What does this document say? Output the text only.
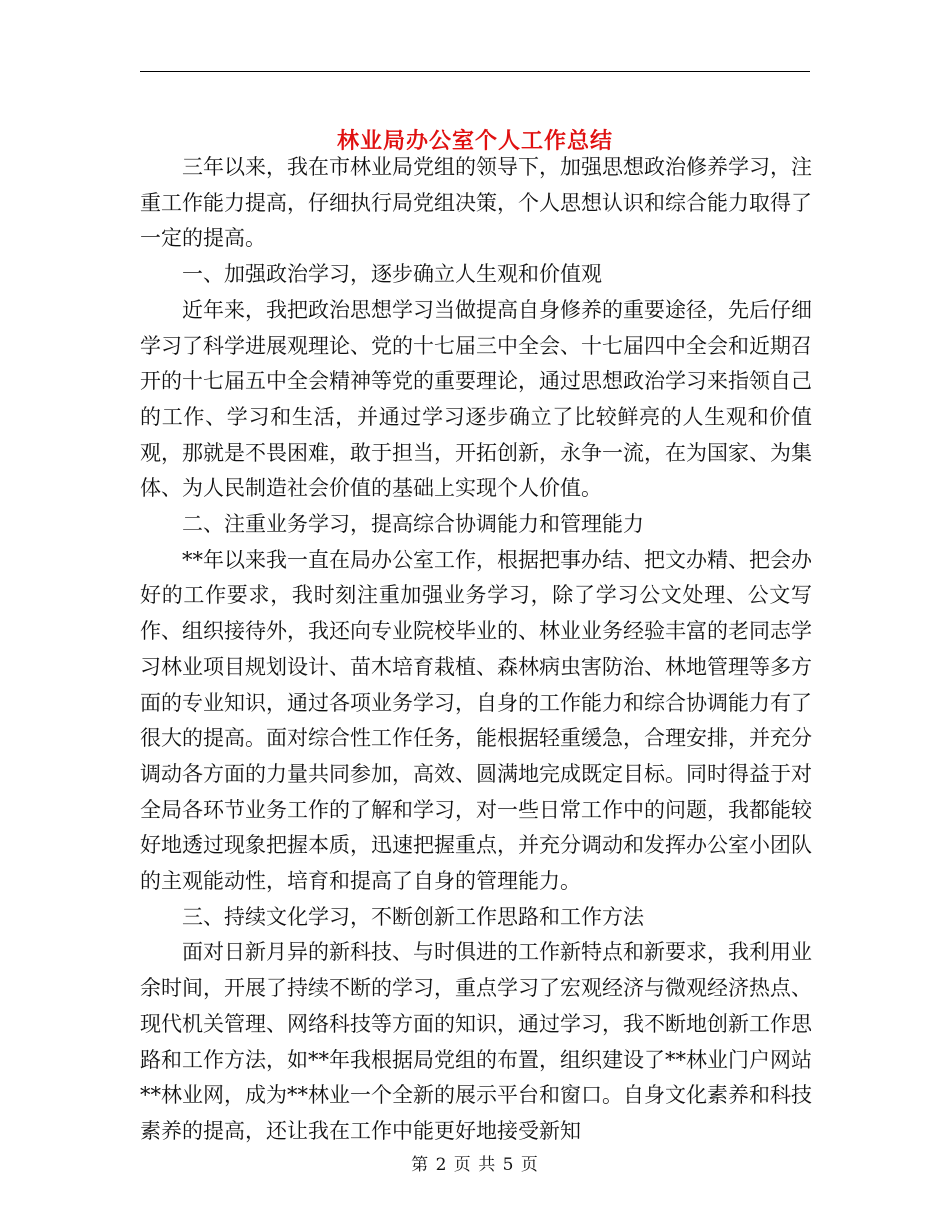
林业局办公室个人工作总结

三年以来，我在市林业局党组的领导下，加强思想政治修养学习，注重工作能力提高，仔细执行局党组决策，个人思想认识和综合能力取得了一定的提高。

一、加强政治学习，逐步确立人生观和价值观

近年来，我把政治思想学习当做提高自身修养的重要途径，先后仔细学习了科学进展观理论、党的十七届三中全会、十七届四中全会和近期召开的十七届五中全会精神等党的重要理论，通过思想政治学习来指领自己的工作、学习和生活，并通过学习逐步确立了比较鲜亮的人生观和价值观，那就是不畏困难，敢于担当，开拓创新，永争一流，在为国家、为集体、为人民制造社会价值的基础上实现个人价值。

二、注重业务学习，提高综合协调能力和管理能力

**年以来我一直在局办公室工作，根据把事办结、把文办精、把会办好的工作要求，我时刻注重加强业务学习，除了学习公文处理、公文写作、组织接待外，我还向专业院校毕业的、林业业务经验丰富的老同志学习林业项目规划设计、苗木培育栽植、森林病虫害防治、林地管理等多方面的专业知识，通过各项业务学习，自身的工作能力和综合协调能力有了很大的提高。面对综合性工作任务，能根据轻重缓急，合理安排，并充分调动各方面的力量共同参加，高效、圆满地完成既定目标。同时得益于对全局各环节业务工作的了解和学习，对一些日常工作中的问题，我都能较好地透过现象把握本质，迅速把握重点，并充分调动和发挥办公室小团队的主观能动性，培育和提高了自身的管理能力。

三、持续文化学习，不断创新工作思路和工作方法

面对日新月异的新科技、与时俱进的工作新特点和新要求，我利用业余时间，开展了持续不断的学习，重点学习了宏观经济与微观经济热点、现代机关管理、网络科技等方面的知识，通过学习，我不断地创新工作思路和工作方法，如**年我根据局党组的布置，组织建设了**林业门户网站**林业网，成为**林业一个全新的展示平台和窗口。自身文化素养和科技素养的提高，还让我在工作中能更好地接受新知

第 2 页 共 5 页
